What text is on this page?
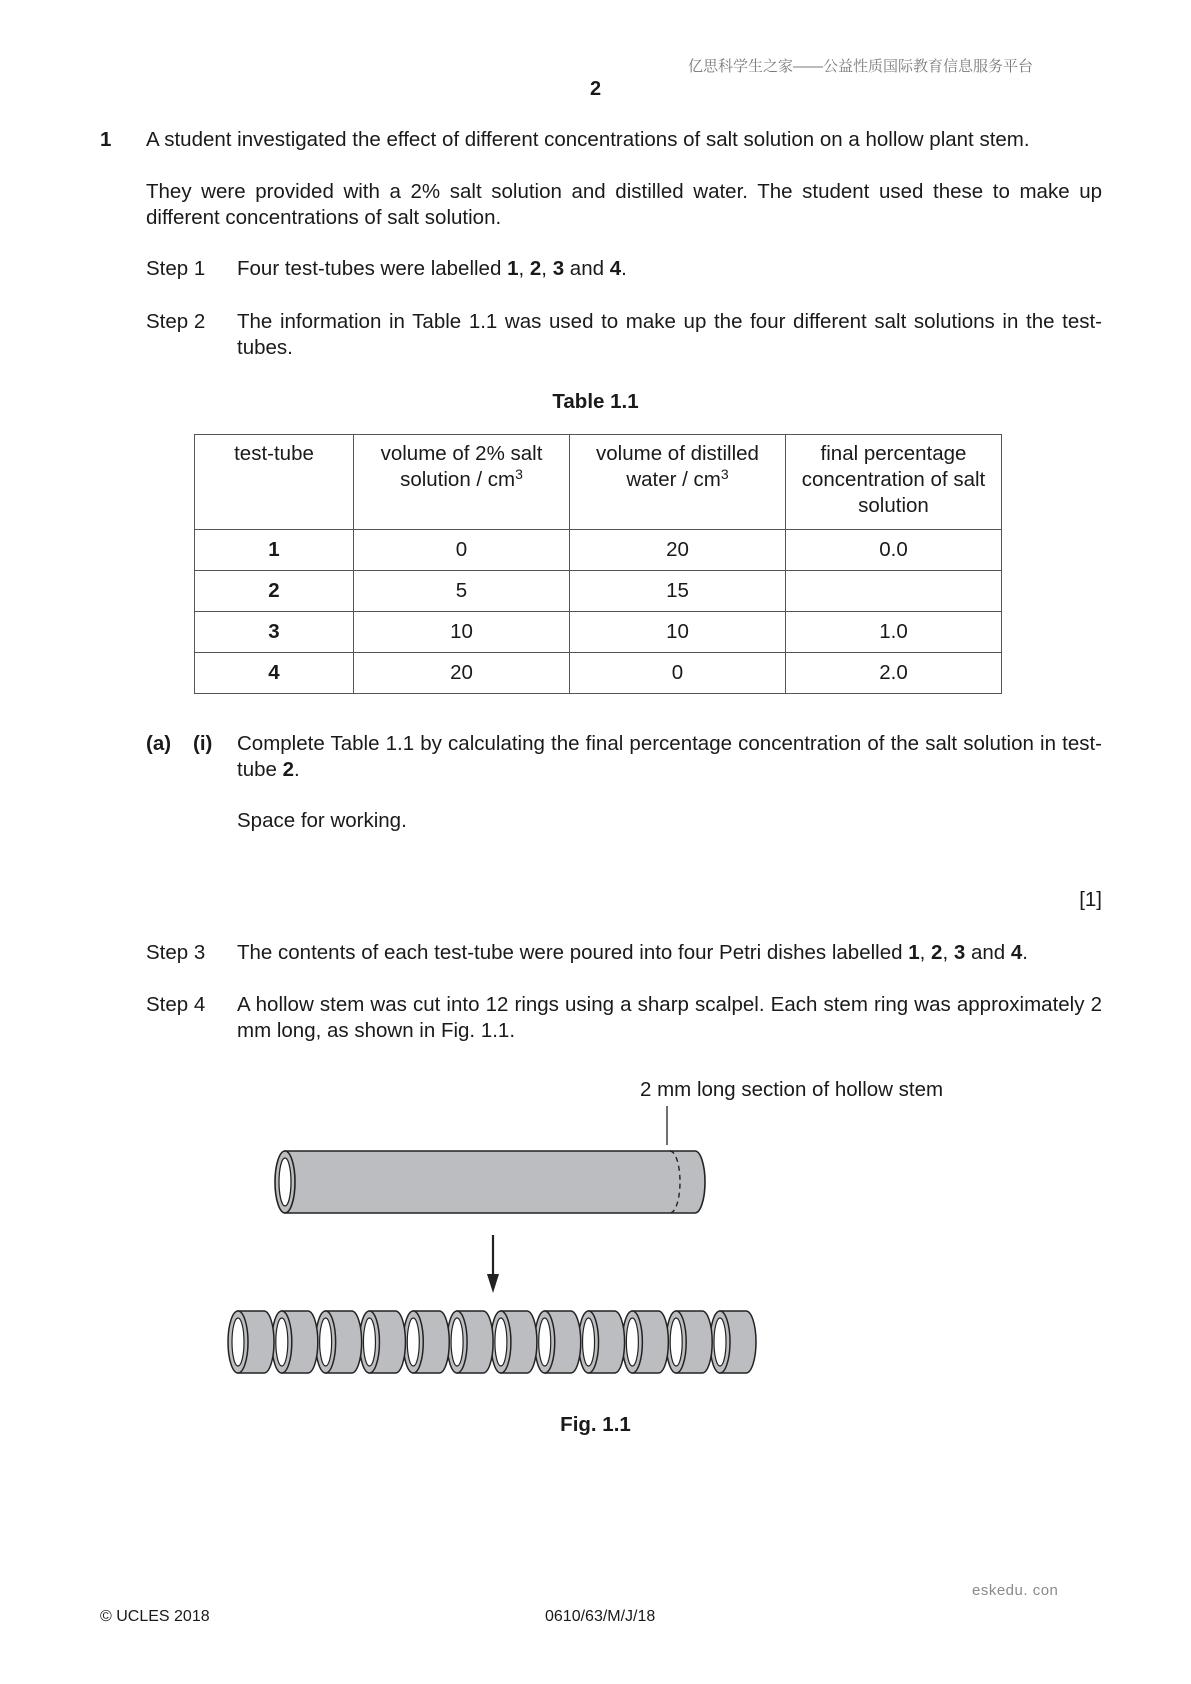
亿思科学生之家——公益性质国际教育信息服务平台
2
1 A student investigated the effect of different concentrations of salt solution on a hollow plant stem.
They were provided with a 2% salt solution and distilled water. The student used these to make up different concentrations of salt solution.
Step 1 Four test-tubes were labelled 1, 2, 3 and 4.
Step 2 The information in Table 1.1 was used to make up the four different salt solutions in the test-tubes.
Table 1.1
test-tube	volume of 2% salt solution / $cm^3$	volume of distilled water / $cm^3$	final percentage concentration of salt solution
1	0	20	0.0
2	5	15	
3	10	10	1.0
4	20	0	2.0
(a) (i) Complete Table 1.1 by calculating the final percentage concentration of the salt solution in test-tube 2.
Space for working.
[1]
Step 3 The contents of each test-tube were poured into four Petri dishes labelled 1, 2, 3 and 4.
Step 4 A hollow stem was cut into 12 rings using a sharp scalpel. Each stem ring was approximately 2 mm long, as shown in Fig. 1.1.
2 mm long section of hollow stem
Fig. 1.1
eskedu. con
© UCLES 2018	0610/63/M/J/18
